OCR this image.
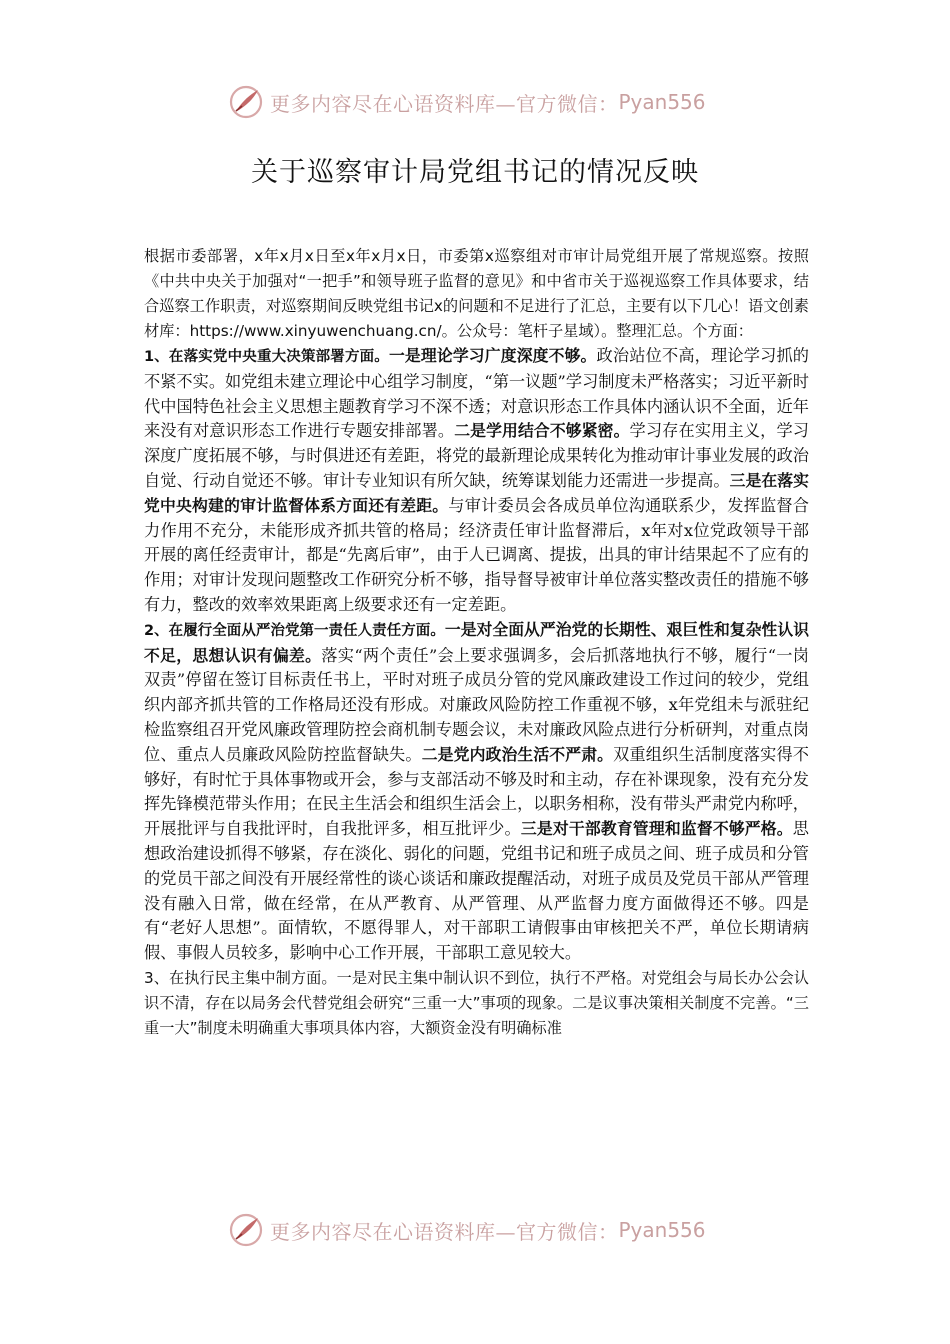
更多内容尽在心语资料库—官方微信： Pyan556
关于巡察审计局党组书记的情况反映

根据市委部署，x年x月x日至x年x月x日，市委第x巡察组对市审计局党组开展了常规巡察。按照《中共中央关于加强对“一把手”和领导班子监督的意见》和中省市关于巡视巡察工作具体要求，结合巡察工作职责，对巡察期间反映党组书记x的问题和不足进行了汇总，主要有以下几心！语文创素材库：https://www.xinyuwenchuang.cn/。公众号：笔杆子星域）。整理汇总。个方面：

1、在落实党中央重大决策部署方面。一是理论学习广度深度不够。政治站位不高，理论学习抓的不紧不实。如党组未建立理论中心组学习制度，“第一议题”学习制度未严格落实；习近平新时代中国特色社会主义思想主题教育学习不深不透；对意识形态工作具体内涵认识不全面，近年来没有对意识形态工作进行专题安排部署。二是学用结合不够紧密。学习存在实用主义，学习深度广度拓展不够，与时俱进还有差距，将党的最新理论成果转化为推动审计事业发展的政治自觉、行动自觉还不够。审计专业知识有所欠缺，统筹谋划能力还需进一步提高。三是在落实党中央构建的审计监督体系方面还有差距。与审计委员会各成员单位沟通联系少，发挥监督合力作用不充分，未能形成齐抓共管的格局；经济责任审计监督滞后，x年对x位党政领导干部开展的离任经责审计，都是“先离后审”，由于人已调离、提拔，出具的审计结果起不了应有的作用；对审计发现问题整改工作研究分析不够，指导督导被审计单位落实整改责任的措施不够有力，整改的效率效果距离上级要求还有一定差距。

2、在履行全面从严治党第一责任人责任方面。一是对全面从严治党的长期性、艰巨性和复杂性认识不足，思想认识有偏差。落实“两个责任”会上要求强调多，会后抓落地执行不够，履行“一岗双责”停留在签订目标责任书上，平时对班子成员分管的党风廉政建设工作过问的较少，党组织内部齐抓共管的工作格局还没有形成。对廉政风险防控工作重视不够，x年党组未与派驻纪检监察组召开党风廉政管理防控会商机制专题会议，未对廉政风险点进行分析研判，对重点岗位、重点人员廉政风险防控监督缺失。二是党内政治生活不严肃。双重组织生活制度落实得不够好，有时忙于具体事物或开会，参与支部活动不够及时和主动，存在补课现象，没有充分发挥先锋模范带头作用；在民主生活会和组织生活会上，以职务相称，没有带头严肃党内称呼，开展批评与自我批评时，自我批评多，相互批评少。三是对干部教育管理和监督不够严格。思想政治建设抓得不够紧，存在淡化、弱化的问题，党组书记和班子成员之间、班子成员和分管的党员干部之间没有开展经常性的谈心谈话和廉政提醒活动，对班子成员及党员干部从严管理没有融入日常，做在经常，在从严教育、从严管理、从严监督力度方面做得还不够。四是有“老好人思想”。面情软，不愿得罪人，对干部职工请假事由审核把关不严，单位长期请病假、事假人员较多，影响中心工作开展，干部职工意见较大。

3、在执行民主集中制方面。一是对民主集中制认识不到位，执行不严格。对党组会与局长办公会认识不清，存在以局务会代替党组会研究“三重一大”事项的现象。二是议事决策相关制度不完善。“三重一大”制度未明确重大事项具体内容，大额资金没有明确标准

更多内容尽在心语资料库—官方微信： Pyan556
